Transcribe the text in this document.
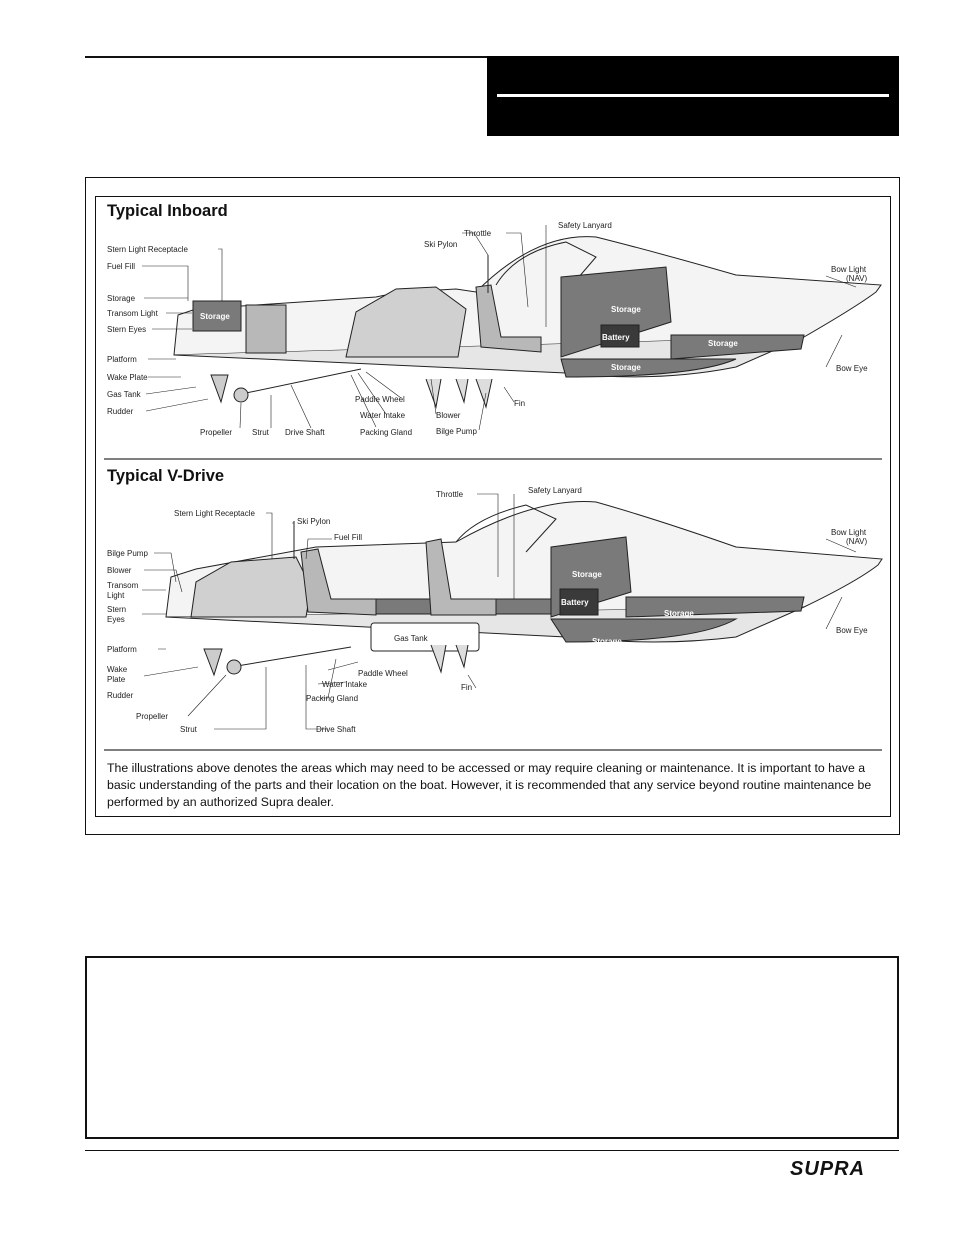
Typical Inboard
Typical V-Drive
Stern Light Receptacle
Fuel Fill
Storage
Transom Light
Stern Eyes
Platform
Wake Plate
Gas Tank
Rudder
Propeller Strut Drive Shaft	Packing Gland
Water Intake
Paddle Wheel
Blower
Bilge Pump
Fin
Throttle
Ski Pylon
Safety Lanyard
Bow Light
(NAV)
Bow Eye
Storage
Storage
Battery
Storage
Storage
Stern Light Receptacle
Ski Pylon
Fuel Fill
Bilge Pump
Blower
Transom
Light
Stern
Eyes
Platform
Wake
Plate
Rudder
Propeller
Strut	Drive Shaft
Packing Gland
Water Intake
Paddle Wheel
Fin
Gas Tank
Throttle	Safety Lanyard
Bow Light
(NAV)
Bow Eye
Storage
Battery
Storage
Storage
The illustrations above denotes the areas which may need to be accessed or may require cleaning or maintenance. It is important to have a basic understanding of the parts and their location on the boat. However, it is recommended that any service beyond routine maintenance be performed by an authorized Supra dealer.
SUPRA
